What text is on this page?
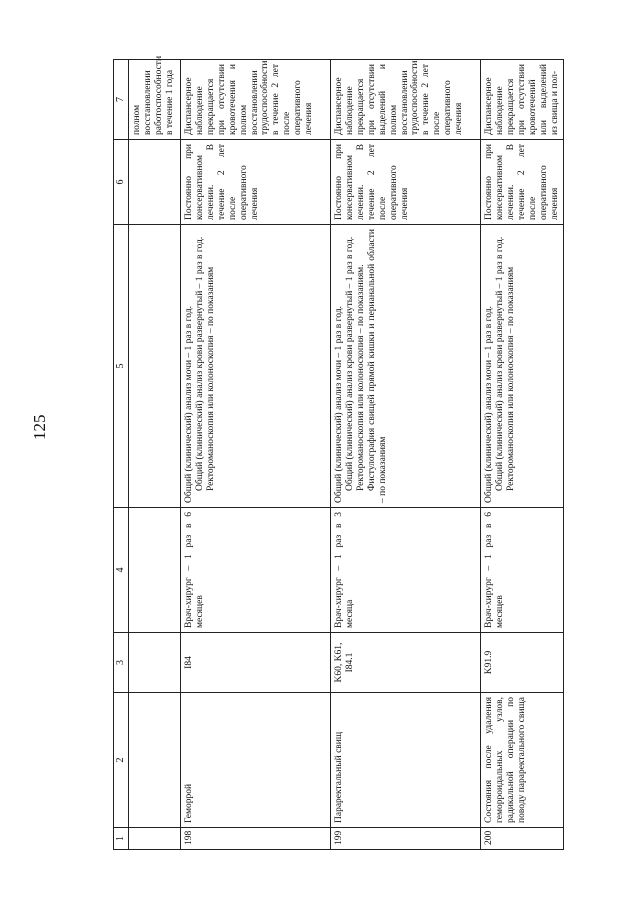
125
1	2	3	4	5	6	7
						полном восстановлении работоспособности в течение 1 года
198	Геморрой	I84	Врач-хирург – 1 раз в 6 месяцев	Общий (клинический) анализ мочи – 1 раз в год. Общий (клинический) анализ крови развернутый – 1 раз в год. Ректороманоскопия или колоноскопия – по показаниям	Постоянно при консервативном лечении. В течение 2 лет после оперативного лечения	Диспансерное наблюдение прекращается при отсутствии кровотечения и полном восстановлении трудоспособности в течение 2 лет после оперативного лечения
199	Параректальный свищ	K60, K61, I84.1	Врач-хирург – 1 раз в 3 месяца	Общий (клинический) анализ мочи – 1 раз в год. Общий (клинический) анализ крови развернутый – 1 раз в год. Ректороманоскопия или колоноскопия – по показаниям. Фистулография свищей прямой кишки и перианальной области – по показаниям	Постоянно при консервативном лечении. В течение 2 лет после оперативного лечения	Диспансерное наблюдение прекращается при отсутствии выделений и полном восстановлении трудоспособности в течение 2 лет после оперативного лечения
200	Состояния после удаления геморроидальных узлов, радикальной операции по поводу параректального свища	K91.9	Врач-хирург – 1 раз в 6 месяцев	Общий (клинический) анализ мочи – 1 раз в год. Общий (клинический) анализ крови развернутый – 1 раз в год. Ректороманоскопия или колоноскопия – по показаниям	Постоянно при консервативном лечении. В течение 2 лет после оперативного лечения	Диспансерное наблюдение прекращается при отсутствии кровотечений или выделений из свища и пол-
